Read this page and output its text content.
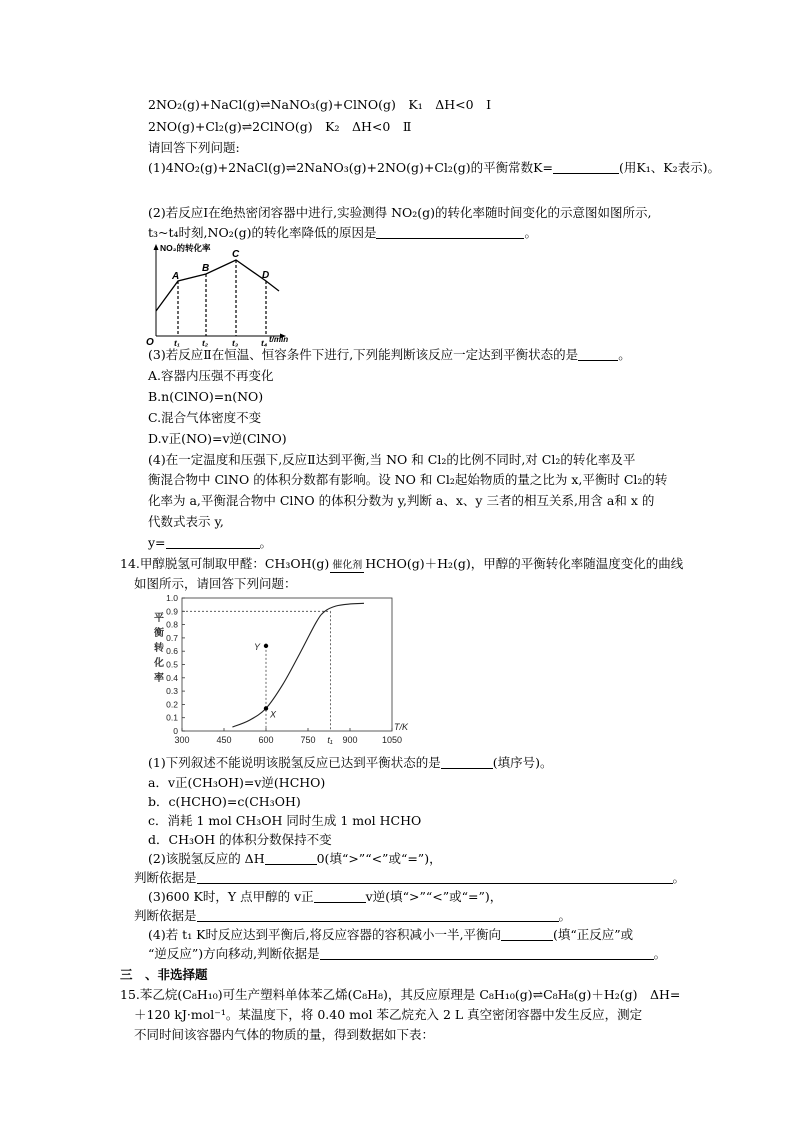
2NO₂(g)+NaCl(g)⇌NaNO₃(g)+ClNO(g)　K₁　ΔH<0　Ⅰ
2NO(g)+Cl₂(g)⇌2ClNO(g)　K₂　ΔH<0　Ⅱ
请回答下列问题:
(1)4NO₂(g)+2NaCl(g)⇌2NaNO₃(g)+2NO(g)+Cl₂(g)的平衡常数K=	(用K₁、K₂表示)。
(2)若反应Ⅰ在绝热密闭容器中进行,实验测得 NO₂(g)的转化率随时间变化的示意图如图所示,
t₃~t₄时刻,NO₂(g)的转化率降低的原因是	。
NO₂的转化率
A
B
C
D
O t₁	t₂	t₃	t₄ t/min
(3)若反应Ⅱ在恒温、恒容条件下进行,下列能判断该反应一定达到平衡状态的是	。
A.容器内压强不再变化
B.n(ClNO)=n(NO)
C.混合气体密度不变
D.v正(NO)=v逆(ClNO)
(4)在一定温度和压强下,反应Ⅱ达到平衡,当 NO 和 Cl₂的比例不同时,对 Cl₂的转化率及平
衡混合物中 ClNO 的体积分数都有影响。设 NO 和 Cl₂起始物质的量之比为 x,平衡时 Cl₂的转
化率为 a,平衡混合物中 ClNO 的体积分数为 y,判断 a、x、y 三者的相互关系,用含 a和 x 的
代数式表示 y,
y=	。
14.甲醇脱氢可制取甲醛：CH₃OH(g) 催化剂 HCHO(g)＋H₂(g)，甲醇的平衡转化率随温度变化的曲线
如图所示，请回答下列问题：
平
衡
转
化
率
0
0.1
0.2
0.3
0.4
0.5
0.6
0.7
0.8
0.9
1.0
300	450	600	750	900	1050
T/K
t₁
X
Y
(1)下列叙述不能说明该脱氢反应已达到平衡状态的是	(填序号)。
a．v正(CH₃OH)=v逆(HCHO)
b．c(HCHO)=c(CH₃OH)
c．消耗 1 mol CH₃OH 同时生成 1 mol HCHO
d．CH₃OH 的体积分数保持不变
(2)该脱氢反应的 ΔH	0(填“>”“<”或“=”)，
判断依据是	。
(3)600 K时，Y 点甲醇的 v正	v逆(填“>”“<”或“=”)，
判断依据是	。
(4)若 t₁ K时反应达到平衡后,将反应容器的容积减小一半,平衡向	(填“正反应”或
“逆反应”)方向移动,判断依据是	。
三　、非选择题
15.苯乙烷(C₈H₁₀)可生产塑料单体苯乙烯(C₈H₈)，其反应原理是 C₈H₁₀(g)⇌C₈H₈(g)＋H₂(g)　ΔH=
＋120 kJ·mol⁻¹。某温度下，将 0.40 mol 苯乙烷充入 2 L 真空密闭容器中发生反应，测定
不同时间该容器内气体的物质的量，得到数据如下表：
